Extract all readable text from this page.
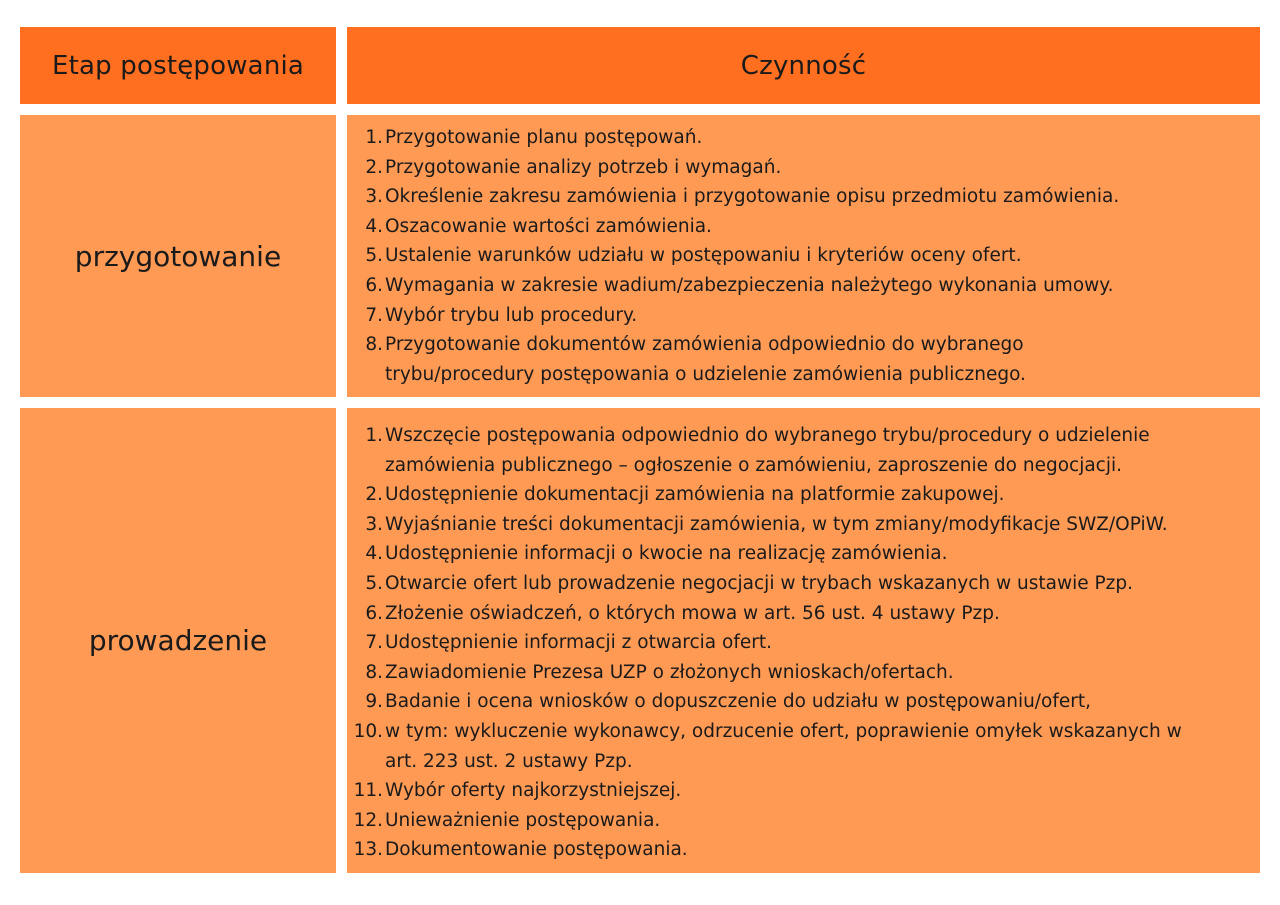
Etap postępowania	Czynność
przygotowanie
1. Przygotowanie planu postępowań.
2. Przygotowanie analizy potrzeb i wymagań.
3. Określenie zakresu zamówienia i przygotowanie opisu przedmiotu zamówienia.
4. Oszacowanie wartości zamówienia.
5. Ustalenie warunków udziału w postępowaniu i kryteriów oceny ofert.
6. Wymagania w zakresie wadium/zabezpieczenia należytego wykonania umowy.
7. Wybór trybu lub procedury.
8. Przygotowanie dokumentów zamówienia odpowiednio do wybranego
trybu/procedury postępowania o udzielenie zamówienia publicznego.
prowadzenie
1. Wszczęcie postępowania odpowiednio do wybranego trybu/procedury o udzielenie
zamówienia publicznego – ogłoszenie o zamówieniu, zaproszenie do negocjacji.
2. Udostępnienie dokumentacji zamówienia na platformie zakupowej.
3. Wyjaśnianie treści dokumentacji zamówienia, w tym zmiany/modyfikacje SWZ/OPiW.
4. Udostępnienie informacji o kwocie na realizację zamówienia.
5. Otwarcie ofert lub prowadzenie negocjacji w trybach wskazanych w ustawie Pzp.
6. Złożenie oświadczeń, o których mowa w art. 56 ust. 4 ustawy Pzp.
7. Udostępnienie informacji z otwarcia ofert.
8. Zawiadomienie Prezesa UZP o złożonych wnioskach/ofertach.
9. Badanie i ocena wniosków o dopuszczenie do udziału w postępowaniu/ofert,
10. w tym: wykluczenie wykonawcy, odrzucenie ofert, poprawienie omyłek wskazanych w
art. 223 ust. 2 ustawy Pzp.
11. Wybór oferty najkorzystniejszej.
12. Unieważnienie postępowania.
13. Dokumentowanie postępowania.
